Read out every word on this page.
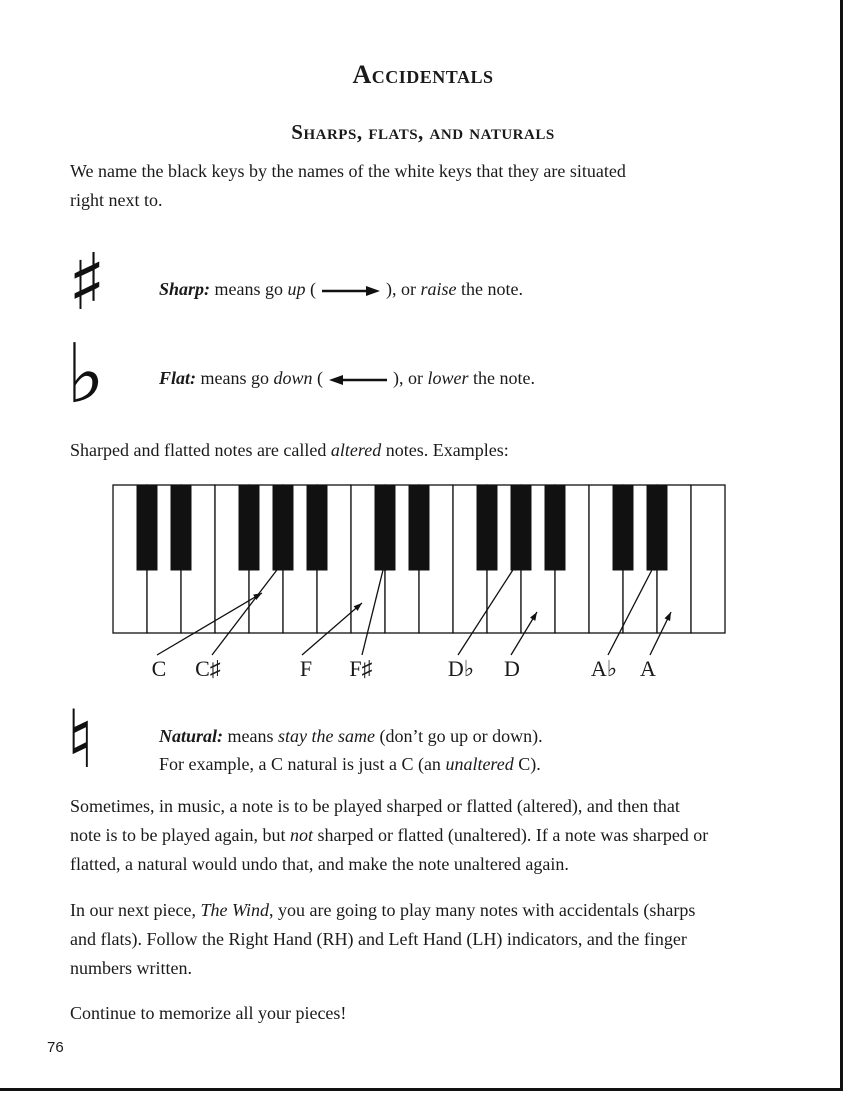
Accidentals
Sharps, flats, and naturals
We name the black keys by the names of the white keys that they are situated
right next to.
♯	Sharp: means go up (	), or raise the note.
♭	Flat: means go down (	), or lower the note.
Sharped and flatted notes are called altered notes. Examples:
C C♯	F F♯	D♭ D	A♭ A
♮	Natural: means stay the same (don’t go up or down).
For example, a C natural is just a C (an unaltered C).
Sometimes, in music, a note is to be played sharped or flatted (altered), and then that
note is to be played again, but not sharped or flatted (unaltered). If a note was sharped or
flatted, a natural would undo that, and make the note unaltered again.
In our next piece, The Wind, you are going to play many notes with accidentals (sharps
and flats). Follow the Right Hand (RH) and Left Hand (LH) indicators, and the finger
numbers written.
Continue to memorize all your pieces!
76
